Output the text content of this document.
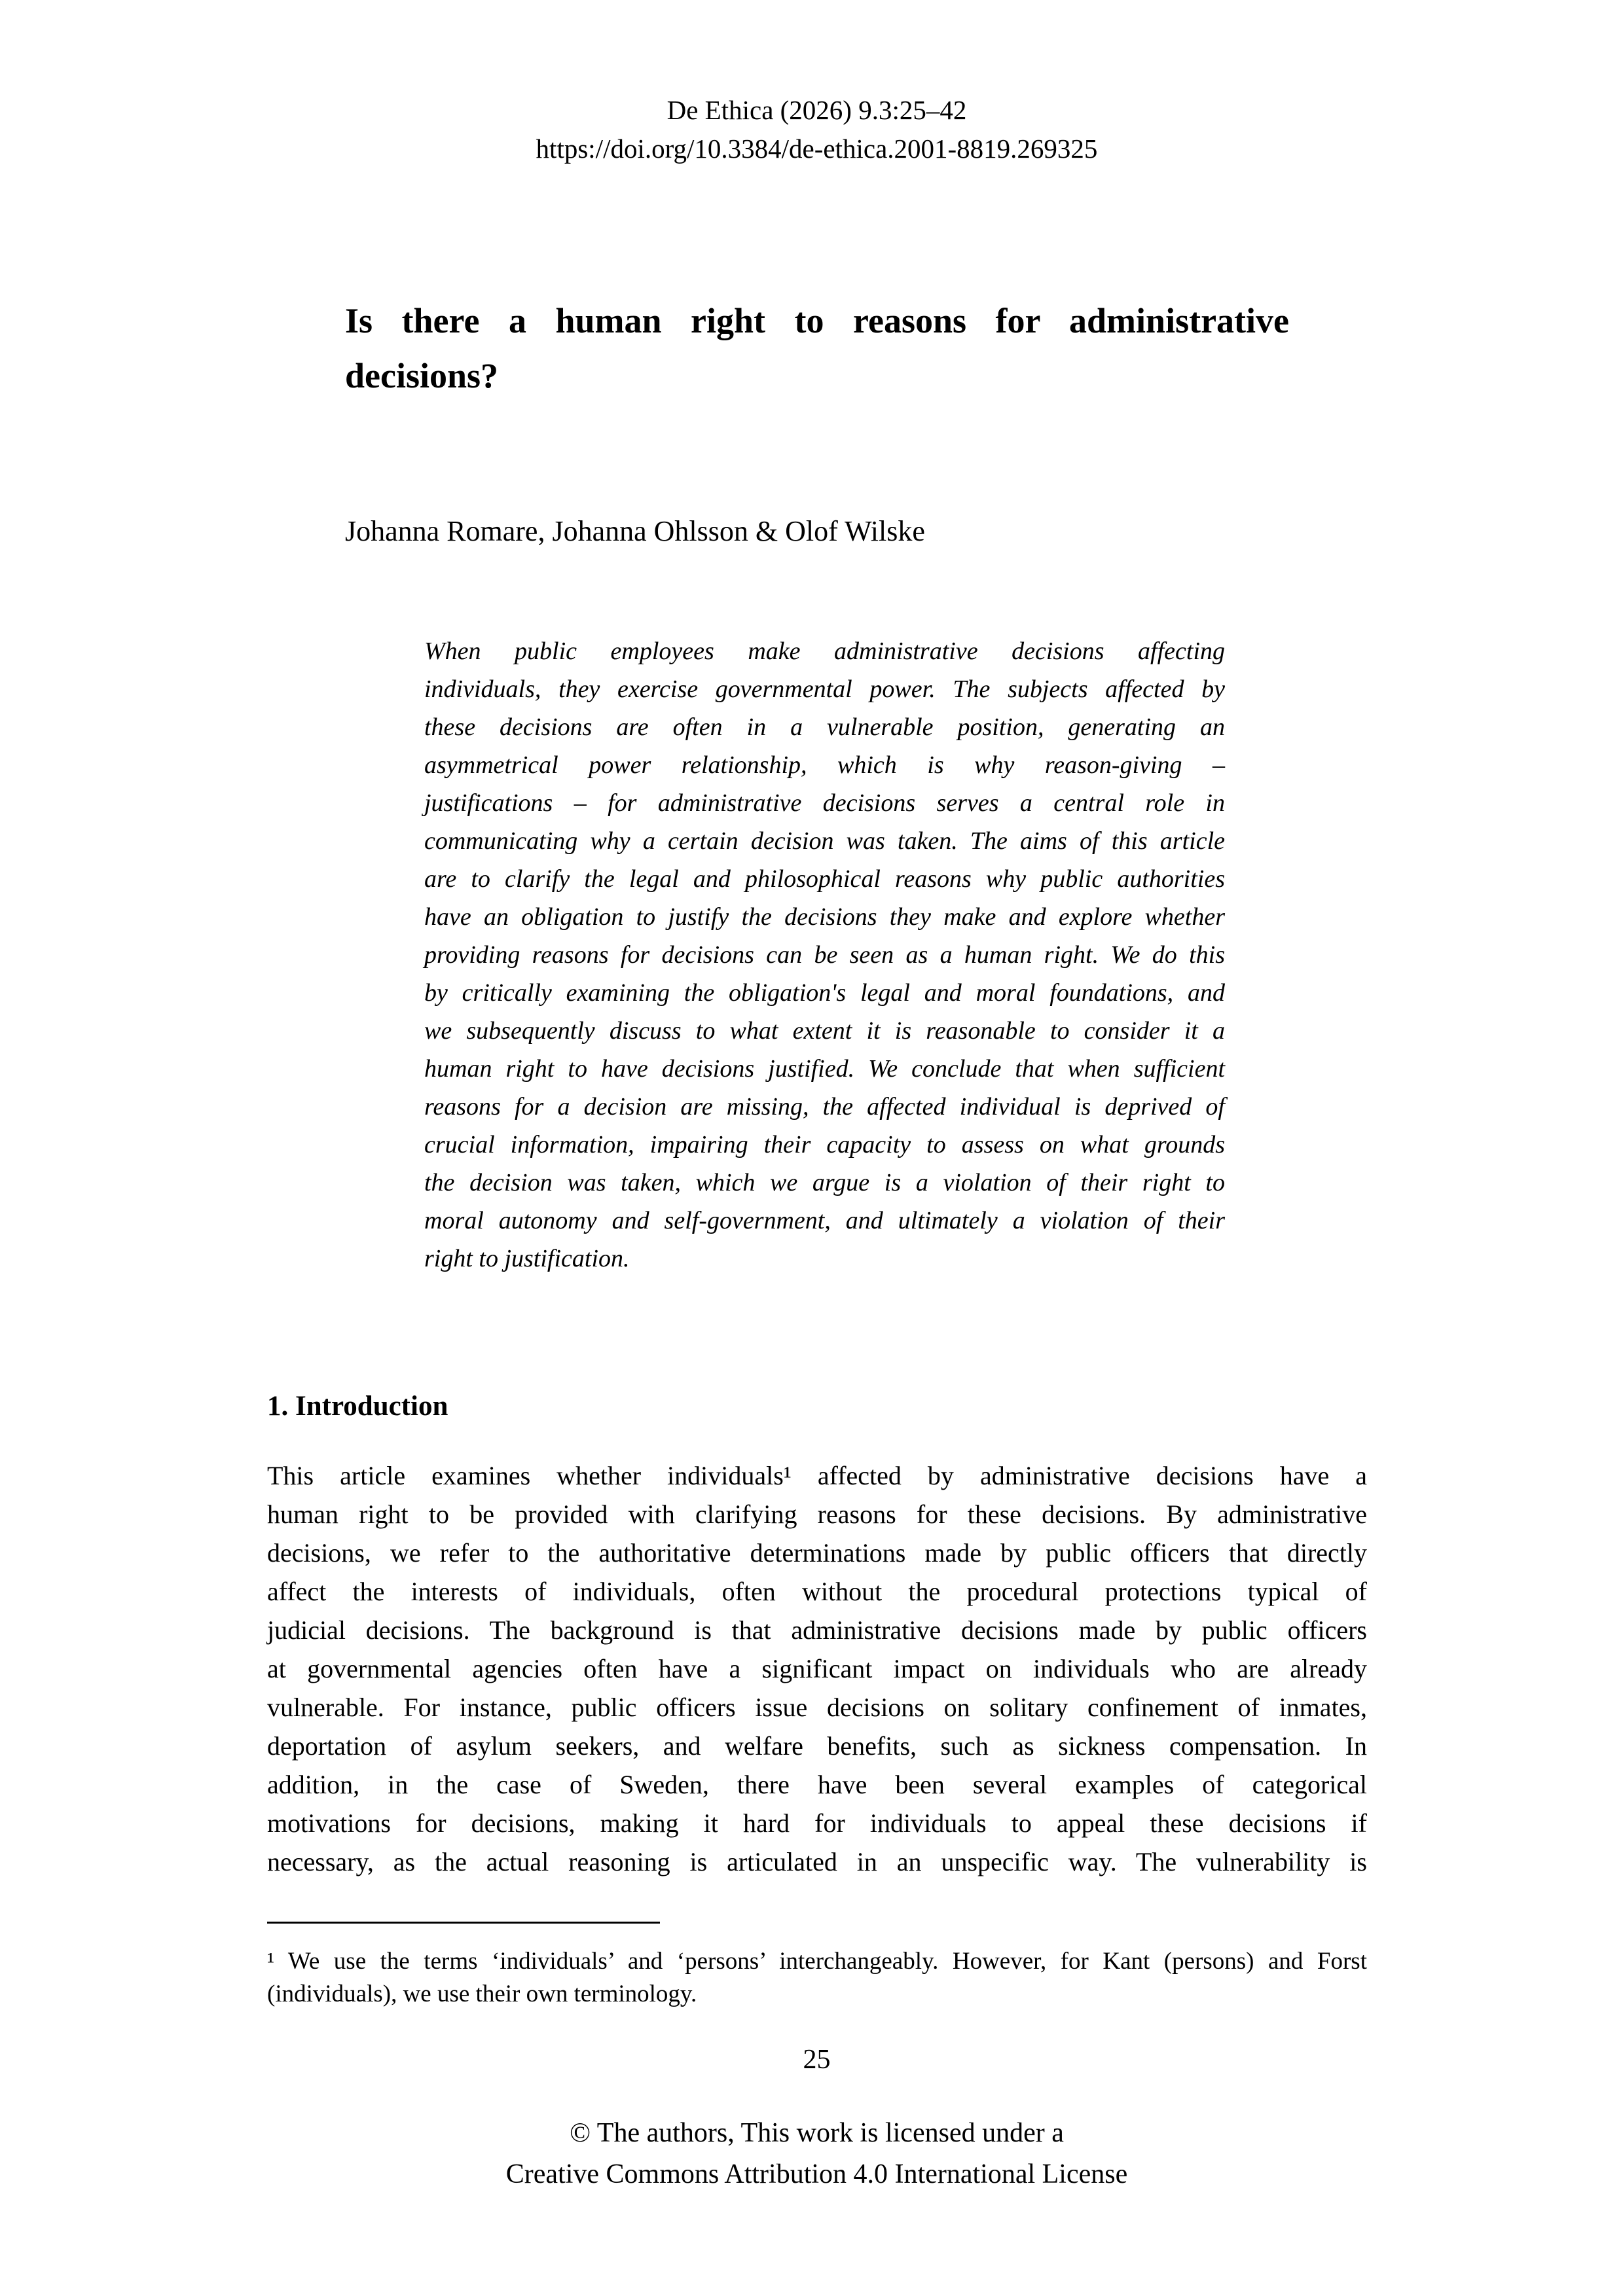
De Ethica (2026) 9.3:25–42
https://doi.org/10.3384/de-ethica.2001-8819.269325
Is there a human right to reasons for administrative
decisions?
Johanna Romare, Johanna Ohlsson & Olof Wilske
When public employees make administrative decisions affecting
individuals, they exercise governmental power. The subjects affected by
these decisions are often in a vulnerable position, generating an
asymmetrical power relationship, which is why reason-giving –
justifications – for administrative decisions serves a central role in
communicating why a certain decision was taken. The aims of this article
are to clarify the legal and philosophical reasons why public authorities
have an obligation to justify the decisions they make and explore whether
providing reasons for decisions can be seen as a human right. We do this
by critically examining the obligation's legal and moral foundations, and
we subsequently discuss to what extent it is reasonable to consider it a
human right to have decisions justified. We conclude that when sufficient
reasons for a decision are missing, the affected individual is deprived of
crucial information, impairing their capacity to assess on what grounds
the decision was taken, which we argue is a violation of their right to
moral autonomy and self-government, and ultimately a violation of their
right to justification.
1. Introduction
This article examines whether individuals¹ affected by administrative decisions have a
human right to be provided with clarifying reasons for these decisions. By administrative
decisions, we refer to the authoritative determinations made by public officers that directly
affect the interests of individuals, often without the procedural protections typical of
judicial decisions. The background is that administrative decisions made by public officers
at governmental agencies often have a significant impact on individuals who are already
vulnerable. For instance, public officers issue decisions on solitary confinement of inmates,
deportation of asylum seekers, and welfare benefits, such as sickness compensation. In
addition, in the case of Sweden, there have been several examples of categorical
motivations for decisions, making it hard for individuals to appeal these decisions if
necessary, as the actual reasoning is articulated in an unspecific way. The vulnerability is
¹ We use the terms ‘individuals’ and ‘persons’ interchangeably. However, for Kant (persons) and Forst
(individuals), we use their own terminology.
25
© The authors, This work is licensed under a
Creative Commons Attribution 4.0 International License
